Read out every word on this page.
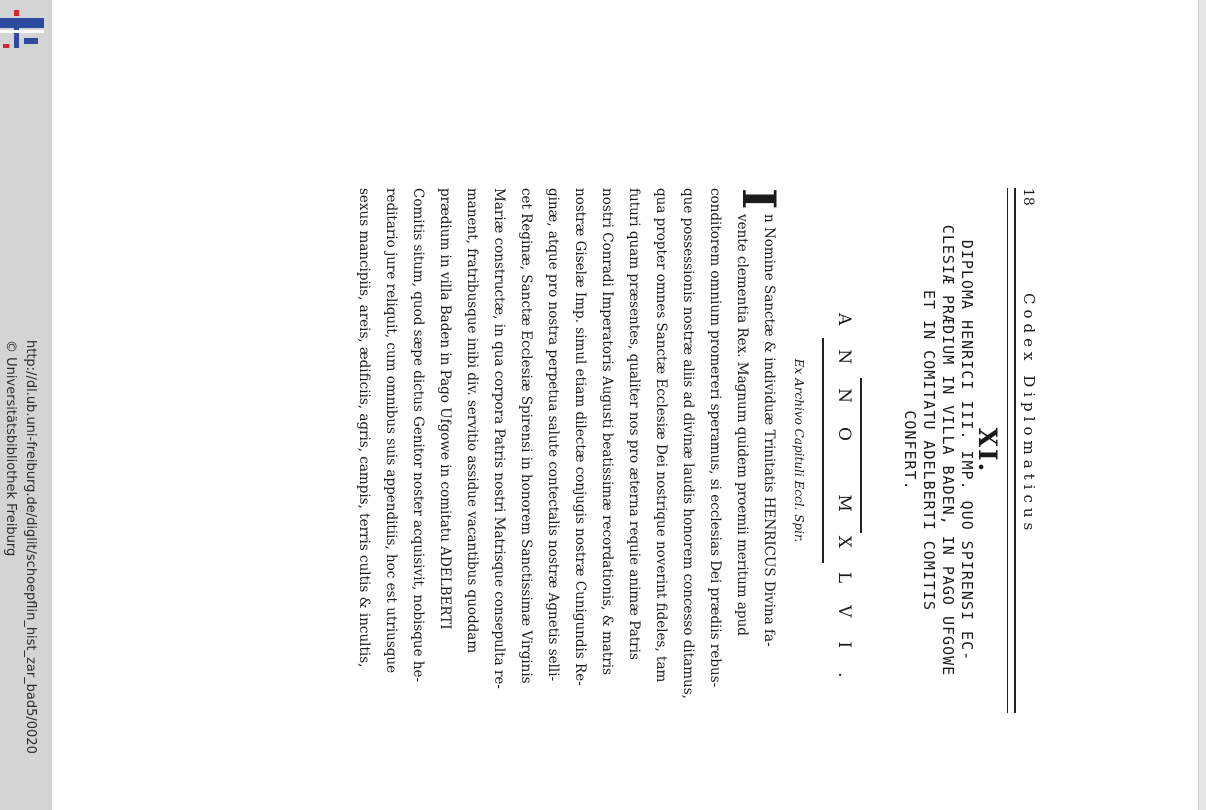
http://dl.ub.uni-freiburg.de/diglit/schoepflin_hist_zar_bad5/0020
© Universitätsbibliothek Freiburg
18
Codex Diplomaticus
XI.
DIPLOMA HENRICI III. IMP. QUO SPIRENSI EC-
CLESIÆ PRÆDIUM IN VILLA BADEN, IN PAGO UFGOWE
ET IN COMITATU ADELBERTI COMITIS
CONFERT.
ANNO MXLVI.
Ex Archivo Capituli Eccl. Spir.
I
n Nomine Sanctæ & individuæ Trinitatis HENRICUS Divina fa-
vente clementia Rex. Magnum quidem proemii meritum apud
conditorem omnium promereri speramus, si ecclesias Dei prædiis rebus-
que possessionis nostræ aliis ad divinæ laudis honorem concesso ditamus,
qua propter omnes Sanctæ Ecclesiæ Dei nostrique noverint fideles, tam
futuri quam præsentes, qualiter nos pro æterna requie animæ Patris
nostri Conradi Imperatoris Augusti beatissimæ recordationis, & matris
nostræ Giselæ Imp. simul etiam dilectæ conjugis nostræ Cunigundis Re-
ginæ, atque pro nostra perpetua salute contectalis nostræ Agnetis selli-
cet Reginæ, Sanctæ Ecclesiæ Spirensi in honorem Sanctissimæ Virginis
Mariæ constructæ, in qua corpora Patris nostri Matrisque consepulta re-
manent, fratribusque inibi div. servitio assidue vacantibus quoddam
prædium in villa Baden in Pago Ufgowe in comitatu ADELBERTI
Comitis situm, quod sæpe dictus Genitor noster acquisivit, nobisque he-
reditario jure reliquit, cum omnibus suis appenditiis, hoc est utriusque
sexus mancipiis, areis, ædificiis, agris, campis, terris cultis & incultis,
